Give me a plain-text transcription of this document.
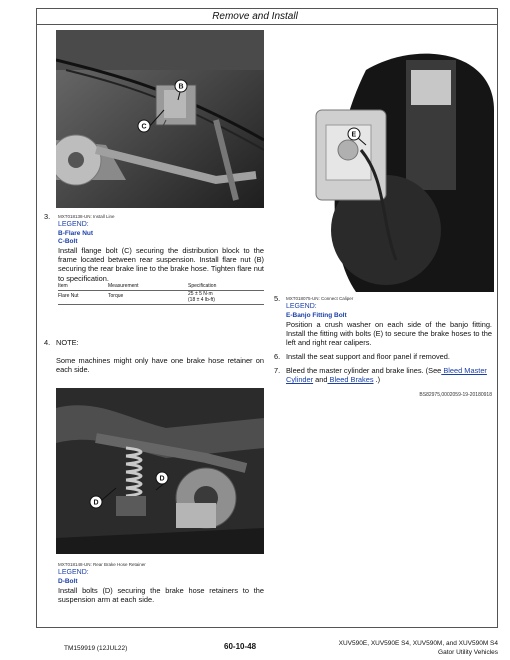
Remove and Install
B
C
3. MXT018138-UN: Install Line
LEGEND:
B-Flare Nut
C-Bolt
Install flange bolt (C) securing the distribution block to the frame located between rear suspension. Install flare nut (B) securing the rear brake line to the brake hose. Tighten flare nut to specification.
Item	Measurement	Specification
Flare Nut	Torque	25 ± 5 N·m
(18 ± 4 lb-ft)
4. NOTE:
Some machines might only have one brake hose retainer on each side.
D
D
MXT018148-UN: Rear Brake Hose Retainer
LEGEND:
D-Bolt
Install bolts (D) securing the brake hose retainers to the suspension arm at each side.
E
5. MXT018075-UN: Connect Caliper
LEGEND:
E-Banjo Fitting Bolt
Position a crush washer on each side of the banjo fitting. Install the fitting with bolts (E) to secure the brake hoses to the left and right rear calipers.
6. Install the seat support and floor panel if removed.
7. Bleed the master cylinder and brake lines. (See Bleed Master
Cylinder and Bleed Brakes .)
BS82975,0002059-19-20180918
TM159919 (12JUL22)	60-10-48	XUV590E, XUV590E S4, XUV590M, and XUV590M S4
Gator Utility Vehicles
